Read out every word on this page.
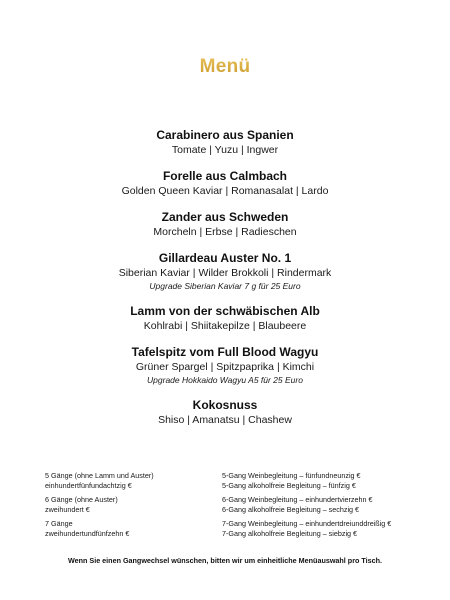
Menü
Carabinero aus Spanien
Tomate | Yuzu | Ingwer
Forelle aus Calmbach
Golden Queen Kaviar | Romanasalat | Lardo
Zander aus Schweden
Morcheln | Erbse | Radieschen
Gillardeau Auster No. 1
Siberian Kaviar | Wilder Brokkoli | Rindermark
Upgrade Siberian Kaviar 7 g für 25 Euro
Lamm von der schwäbischen Alb
Kohlrabi | Shiitakepilze | Blaubeere
Tafelspitz vom Full Blood Wagyu
Grüner Spargel | Spitzpaprika | Kimchi
Upgrade Hokkaido Wagyu A5 für 25 Euro
Kokosnuss
Shiso | Amanatsu | Chashew
5 Gänge (ohne Lamm und Auster)
einhundertfünfundachtzig €
5-Gang Weinbegleitung – fünfundneunzig €
5-Gang alkoholfreie Begleitung – fünfzig €
6 Gänge (ohne Auster)
zweihundert €
6-Gang Weinbegleitung – einhundertvierzehn €
6-Gang alkoholfreie Begleitung – sechzig €
7 Gänge
zweihundertundfünfzehn €
7-Gang Weinbegleitung – einhundertdreiunddreißig €
7-Gang alkoholfreie Begleitung – siebzig €
Wenn Sie einen Gangwechsel wünschen, bitten wir um einheitliche Menüauswahl pro Tisch.
